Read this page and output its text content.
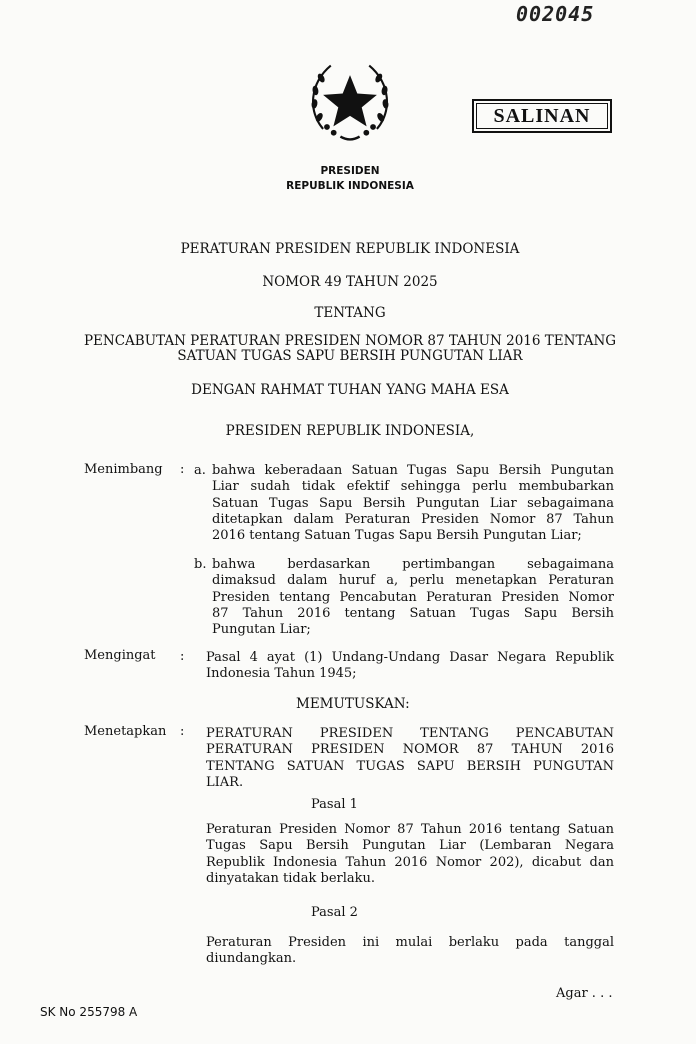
002045
SALINAN
PRESIDEN
REPUBLIK INDONESIA
PERATURAN PRESIDEN REPUBLIK INDONESIA
NOMOR 49 TAHUN 2025
TENTANG
PENCABUTAN PERATURAN PRESIDEN NOMOR 87 TAHUN 2016 TENTANG
SATUAN TUGAS SAPU BERSIH PUNGUTAN LIAR
DENGAN RAHMAT TUHAN YANG MAHA ESA
PRESIDEN REPUBLIK INDONESIA,
Menimbang : a. bahwa keberadaan Satuan Tugas Sapu Bersih Pungutan
Liar sudah tidak efektif sehingga perlu membubarkan
Satuan Tugas Sapu Bersih Pungutan Liar sebagaimana
ditetapkan dalam Peraturan Presiden Nomor 87 Tahun
2016 tentang Satuan Tugas Sapu Bersih Pungutan Liar;
b. bahwa berdasarkan pertimbangan sebagaimana
dimaksud dalam huruf a, perlu menetapkan Peraturan
Presiden tentang Pencabutan Peraturan Presiden Nomor
87 Tahun 2016 tentang Satuan Tugas Sapu Bersih
Pungutan Liar;
Mengingat : Pasal 4 ayat (1) Undang-Undang Dasar Negara Republik
Indonesia Tahun 1945;
MEMUTUSKAN:
Menetapkan : PERATURAN PRESIDEN TENTANG PENCABUTAN
PERATURAN PRESIDEN NOMOR 87 TAHUN 2016
TENTANG SATUAN TUGAS SAPU BERSIH PUNGUTAN
LIAR.
Pasal 1
Peraturan Presiden Nomor 87 Tahun 2016 tentang Satuan
Tugas Sapu Bersih Pungutan Liar (Lembaran Negara
Republik Indonesia Tahun 2016 Nomor 202), dicabut dan
dinyatakan tidak berlaku.
Pasal 2
Peraturan Presiden ini mulai berlaku pada tanggal
diundangkan.
Agar . . .
SK No 255798 A
